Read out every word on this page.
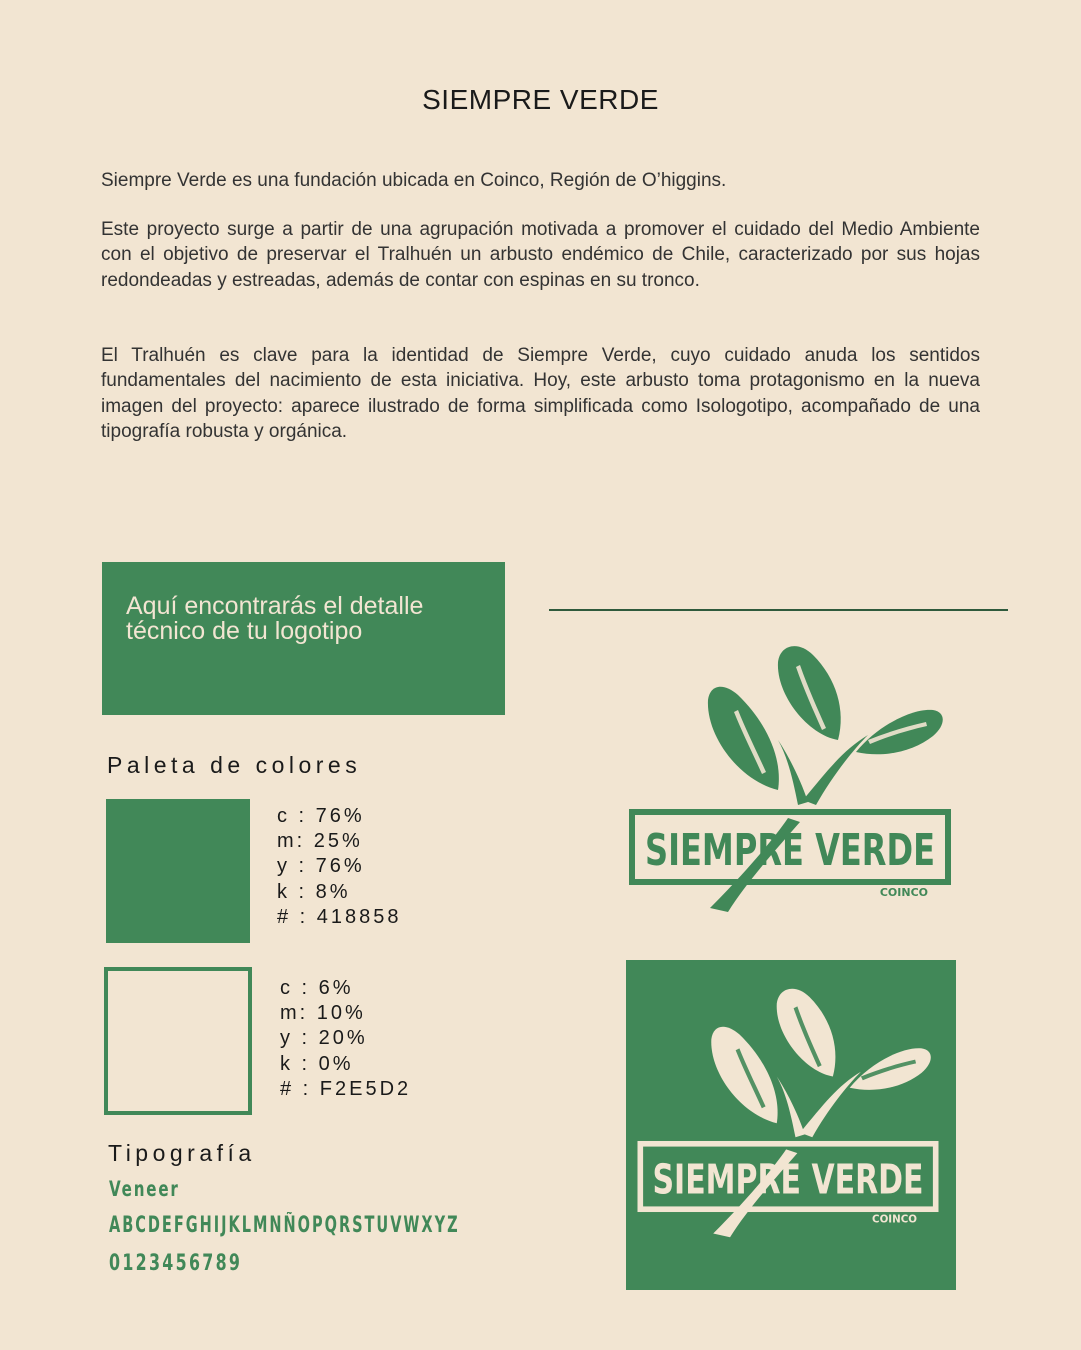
SIEMPRE VERDE
Siempre Verde es una fundación ubicada en Coinco, Región de O’higgins.
Este proyecto surge a partir de una agrupación motivada a promover el cuidado del Medio Ambiente con el objetivo de preservar el Tralhuén un arbusto endémico de Chile, caracterizado por sus hojas redondeadas y estreadas, además de contar con espinas en su tronco.
El Tralhuén es clave para la identidad de Siempre Verde, cuyo cuidado anuda los sentidos fundamentales del nacimiento de esta iniciativa. Hoy, este arbusto toma protagonismo en la nueva imagen del proyecto: aparece ilustrado de forma simplificada como Isologotipo, acompañado de una tipografía robusta y orgánica.
Aquí encontrarás el detalle técnico de tu logotipo
Paleta de colores
c : 76%
m: 25%
y : 76%
k : 8%
# : 418858
c : 6%
m: 10%
y : 20%
k : 0%
# : F2E5D2
Tipografía
Veneer
ABCDEFGHIJKLMNÑOPQRSTUVWXYZ
0123456789
SIEMPRE VERDE
COINCO
SIEMPRE VERDE
COINCO
